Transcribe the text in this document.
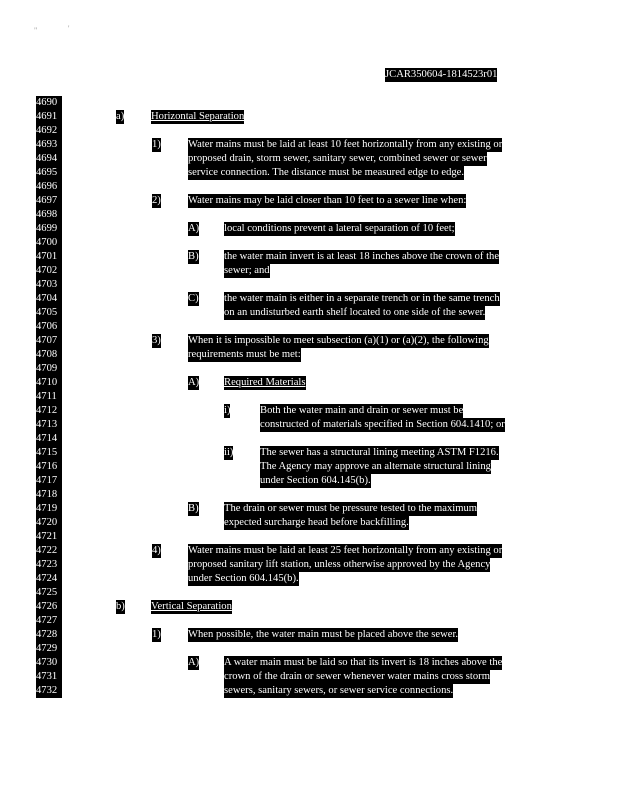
"	'
JCAR350604-1814523r01
4690
4691
4692
4693
4694
4695
4696
4697
4698
4699
4700
4701
4702
4703
4704
4705
4706
4707
4708
4709
4710
4711
4712
4713
4714
4715
4716
4717
4718
4719
4720
4721
4722
4723
4724
4725
4726
4727
4728
4729
4730
4731
4732
a)	Horizontal Separation
1)	Water mains must be laid at least 10 feet horizontally from any existing or
proposed drain, storm sewer, sanitary sewer, combined sewer or sewer
service connection. The distance must be measured edge to edge.
2)	Water mains may be laid closer than 10 feet to a sewer line when:
A) local conditions prevent a lateral separation of 10 feet;
B) the water main invert is at least 18 inches above the crown of the
sewer; and
C) the water main is either in a separate trench or in the same trench
on an undisturbed earth shelf located to one side of the sewer.
3)	When it is impossible to meet subsection (a)(1) or (a)(2), the following
requirements must be met:
A) Required Materials
i)	Both the water main and drain or sewer must be
constructed of materials specified in Section 604.1410; or
ii)	The sewer has a structural lining meeting ASTM F1216.
The Agency may approve an alternate structural lining
under Section 604.145(b).
B) The drain or sewer must be pressure tested to the maximum
expected surcharge head before backfilling.
4)	Water mains must be laid at least 25 feet horizontally from any existing or
proposed sanitary lift station, unless otherwise approved by the Agency
under Section 604.145(b).
b) Vertical Separation
1)	When possible, the water main must be placed above the sewer.
A) A water main must be laid so that its invert is 18 inches above the
crown of the drain or sewer whenever water mains cross storm
sewers, sanitary sewers, or sewer service connections.
